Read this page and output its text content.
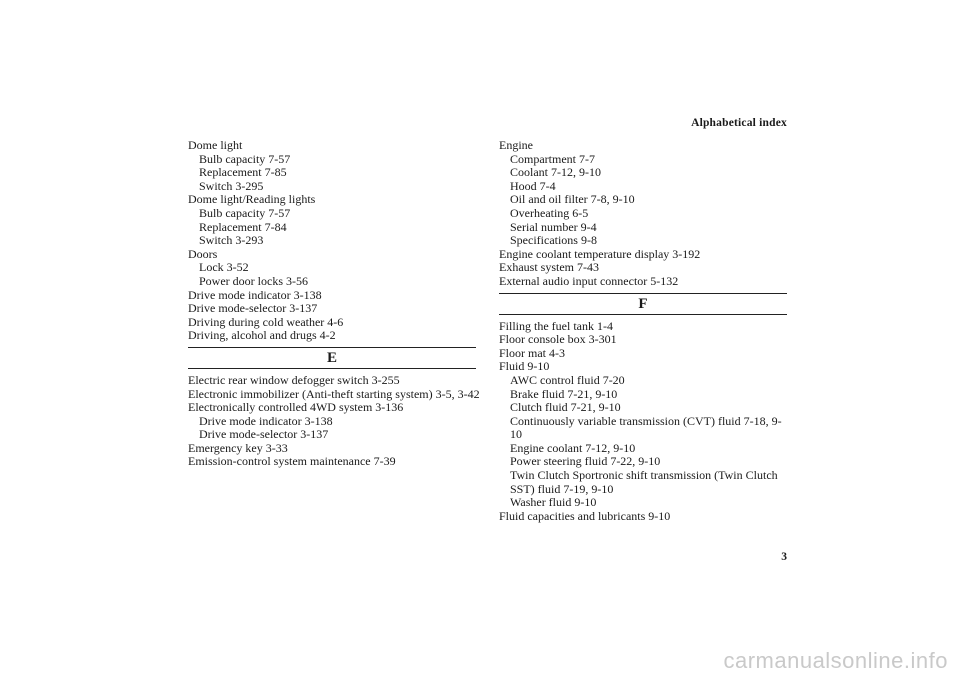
Alphabetical index
Dome light
Bulb capacity 7-57
Replacement 7-85
Switch 3-295
Dome light/Reading lights
Bulb capacity 7-57
Replacement 7-84
Switch 3-293
Doors
Lock 3-52
Power door locks 3-56
Drive mode indicator 3-138
Drive mode-selector 3-137
Driving during cold weather 4-6
Driving, alcohol and drugs 4-2
E
Electric rear window defogger switch 3-255
Electronic immobilizer (Anti-theft starting system) 3-5, 3-42
Electronically controlled 4WD system 3-136
Drive mode indicator 3-138
Drive mode-selector 3-137
Emergency key 3-33
Emission-control system maintenance 7-39
Engine
Compartment 7-7
Coolant 7-12, 9-10
Hood 7-4
Oil and oil filter 7-8, 9-10
Overheating 6-5
Serial number 9-4
Specifications 9-8
Engine coolant temperature display 3-192
Exhaust system 7-43
External audio input connector 5-132
F
Filling the fuel tank 1-4
Floor console box 3-301
Floor mat 4-3
Fluid 9-10
AWC control fluid 7-20
Brake fluid 7-21, 9-10
Clutch fluid 7-21, 9-10
Continuously variable transmission (CVT) fluid 7-18, 9-10
Engine coolant 7-12, 9-10
Power steering fluid 7-22, 9-10
Twin Clutch Sportronic shift transmission (Twin Clutch SST) fluid 7-19, 9-10
Washer fluid 9-10
Fluid capacities and lubricants 9-10
3
carmanualsonline.info
